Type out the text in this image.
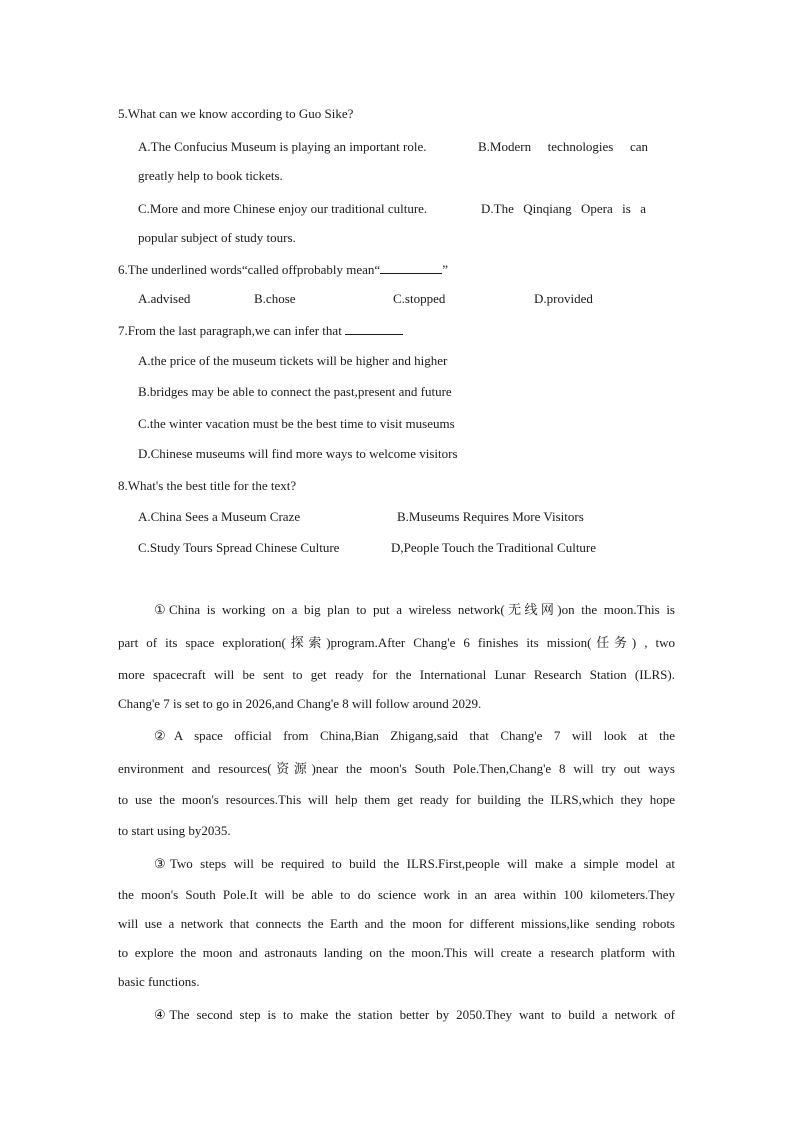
5.What can we know according to Guo Sike?
A.The Confucius Museum is playing an important role.	B.Modern technologies can
greatly help to book tickets.
C.More and more Chinese enjoy our traditional culture.	D.The Qinqiang Opera is a
popular subject of study tours.
6.The underlined words“called offprobably mean“	”
A.advised	B.chose	C.stopped	D.provided
7.From the last paragraph,we can infer that
A.the price of the museum tickets will be higher and higher
B.bridges may be able to connect the past,present and future
C.the winter vacation must be the best time to visit museums
D.Chinese museums will find more ways to welcome visitors
8.What's the best title for the text?
A.China Sees a Museum Craze	B.Museums Requires More Visitors
C.Study Tours Spread Chinese Culture	D,People Touch the Traditional Culture
①China is working on a big plan to put a wireless network(无线网)on the moon.This is
part of its space exploration(探索)program.After Chang'e 6 finishes its mission(任务) , two
more spacecraft will be sent to get ready for the International Lunar Research Station (ILRS).
Chang'e 7 is set to go in 2026,and Chang'e 8 will follow around 2029.
②A space official from China,Bian Zhigang,said that Chang'e 7 will look at the
environment and resources(资源)near the moon's South Pole.Then,Chang'e 8 will try out ways
to use the moon's resources.This will help them get ready for building the ILRS,which they hope
to start using by2035.
③Two steps will be required to build the ILRS.First,people will make a simple model at
the moon's South Pole.It will be able to do science work in an area within 100 kilometers.They
will use a network that connects the Earth and the moon for different missions,like sending robots
to explore the moon and astronauts landing on the moon.This will create a research platform with
basic functions.
④The second step is to make the station better by 2050.They want to build a network of
